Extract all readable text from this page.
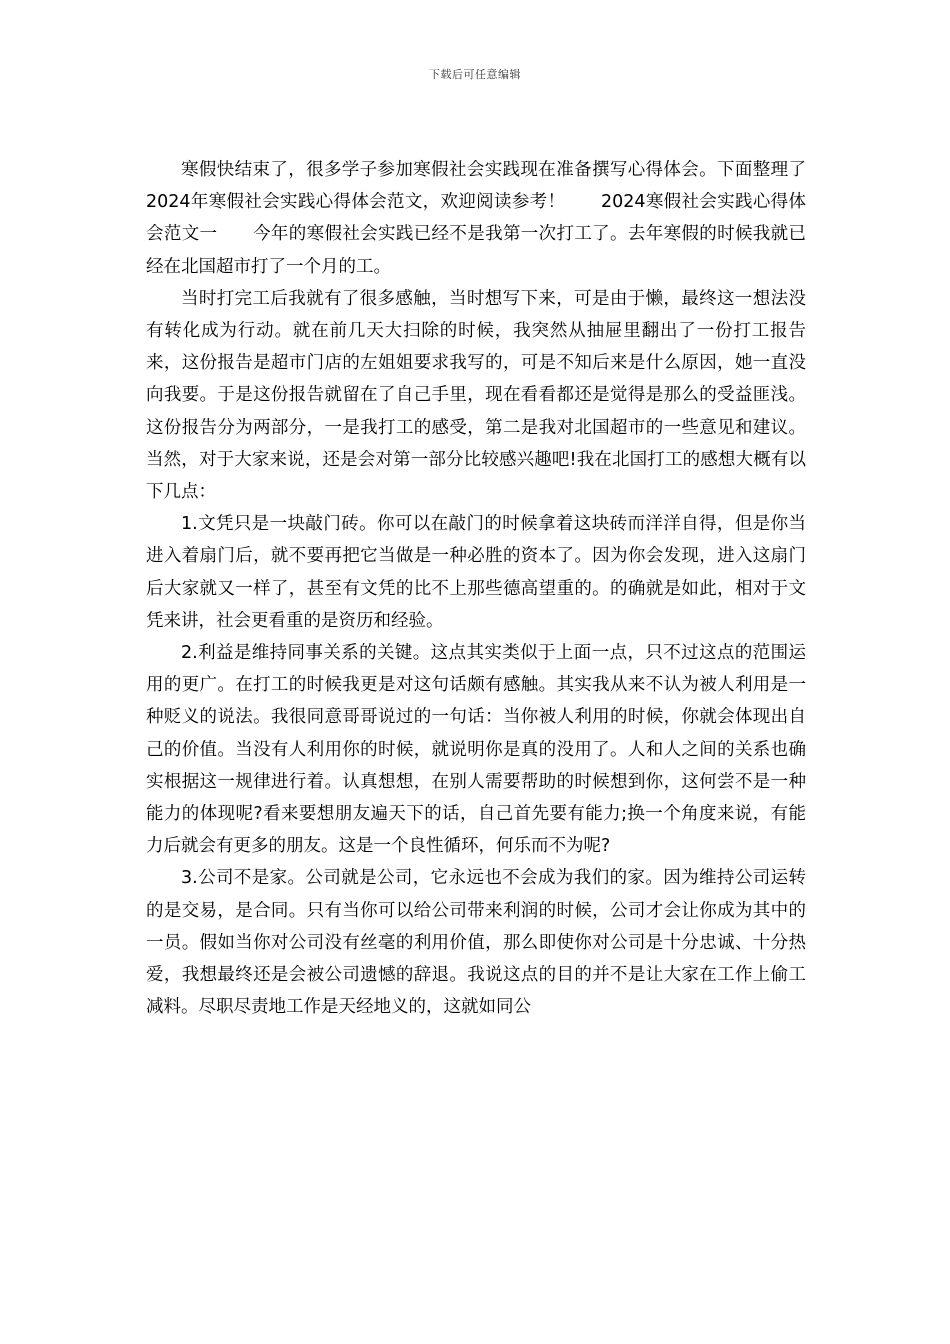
下载后可任意编辑

寒假快结束了，很多学子参加寒假社会实践现在准备撰写心得体会。下面整理了2024年寒假社会实践心得体会范文，欢迎阅读参考！　　2024寒假社会实践心得体会范文一　　今年的寒假社会实践已经不是我第一次打工了。去年寒假的时候我就已经在北国超市打了一个月的工。

当时打完工后我就有了很多感触，当时想写下来，可是由于懒，最终这一想法没有转化成为行动。就在前几天大扫除的时候，我突然从抽屉里翻出了一份打工报告来，这份报告是超市门店的左姐姐要求我写的，可是不知后来是什么原因，她一直没向我要。于是这份报告就留在了自己手里，现在看看都还是觉得是那么的受益匪浅。这份报告分为两部分，一是我打工的感受，第二是我对北国超市的一些意见和建议。当然，对于大家来说，还是会对第一部分比较感兴趣吧!我在北国打工的感想大概有以下几点：

1.文凭只是一块敲门砖。你可以在敲门的时候拿着这块砖而洋洋自得，但是你当进入着扇门后，就不要再把它当做是一种必胜的资本了。因为你会发现，进入这扇门后大家就又一样了，甚至有文凭的比不上那些德高望重的。的确就是如此，相对于文凭来讲，社会更看重的是资历和经验。

2.利益是维持同事关系的关键。这点其实类似于上面一点，只不过这点的范围运用的更广。在打工的时候我更是对这句话颇有感触。其实我从来不认为被人利用是一种贬义的说法。我很同意哥哥说过的一句话：当你被人利用的时候，你就会体现出自己的价值。当没有人利用你的时候，就说明你是真的没用了。人和人之间的关系也确实根据这一规律进行着。认真想想，在别人需要帮助的时候想到你，这何尝不是一种能力的体现呢?看来要想朋友遍天下的话，自己首先要有能力;换一个角度来说，有能力后就会有更多的朋友。这是一个良性循环，何乐而不为呢?

3.公司不是家。公司就是公司，它永远也不会成为我们的家。因为维持公司运转的是交易，是合同。只有当你可以给公司带来利润的时候，公司才会让你成为其中的一员。假如当你对公司没有丝毫的利用价值，那么即使你对公司是十分忠诚、十分热爱，我想最终还是会被公司遗憾的辞退。我说这点的目的并不是让大家在工作上偷工减料。尽职尽责地工作是天经地义的，这就如同公
